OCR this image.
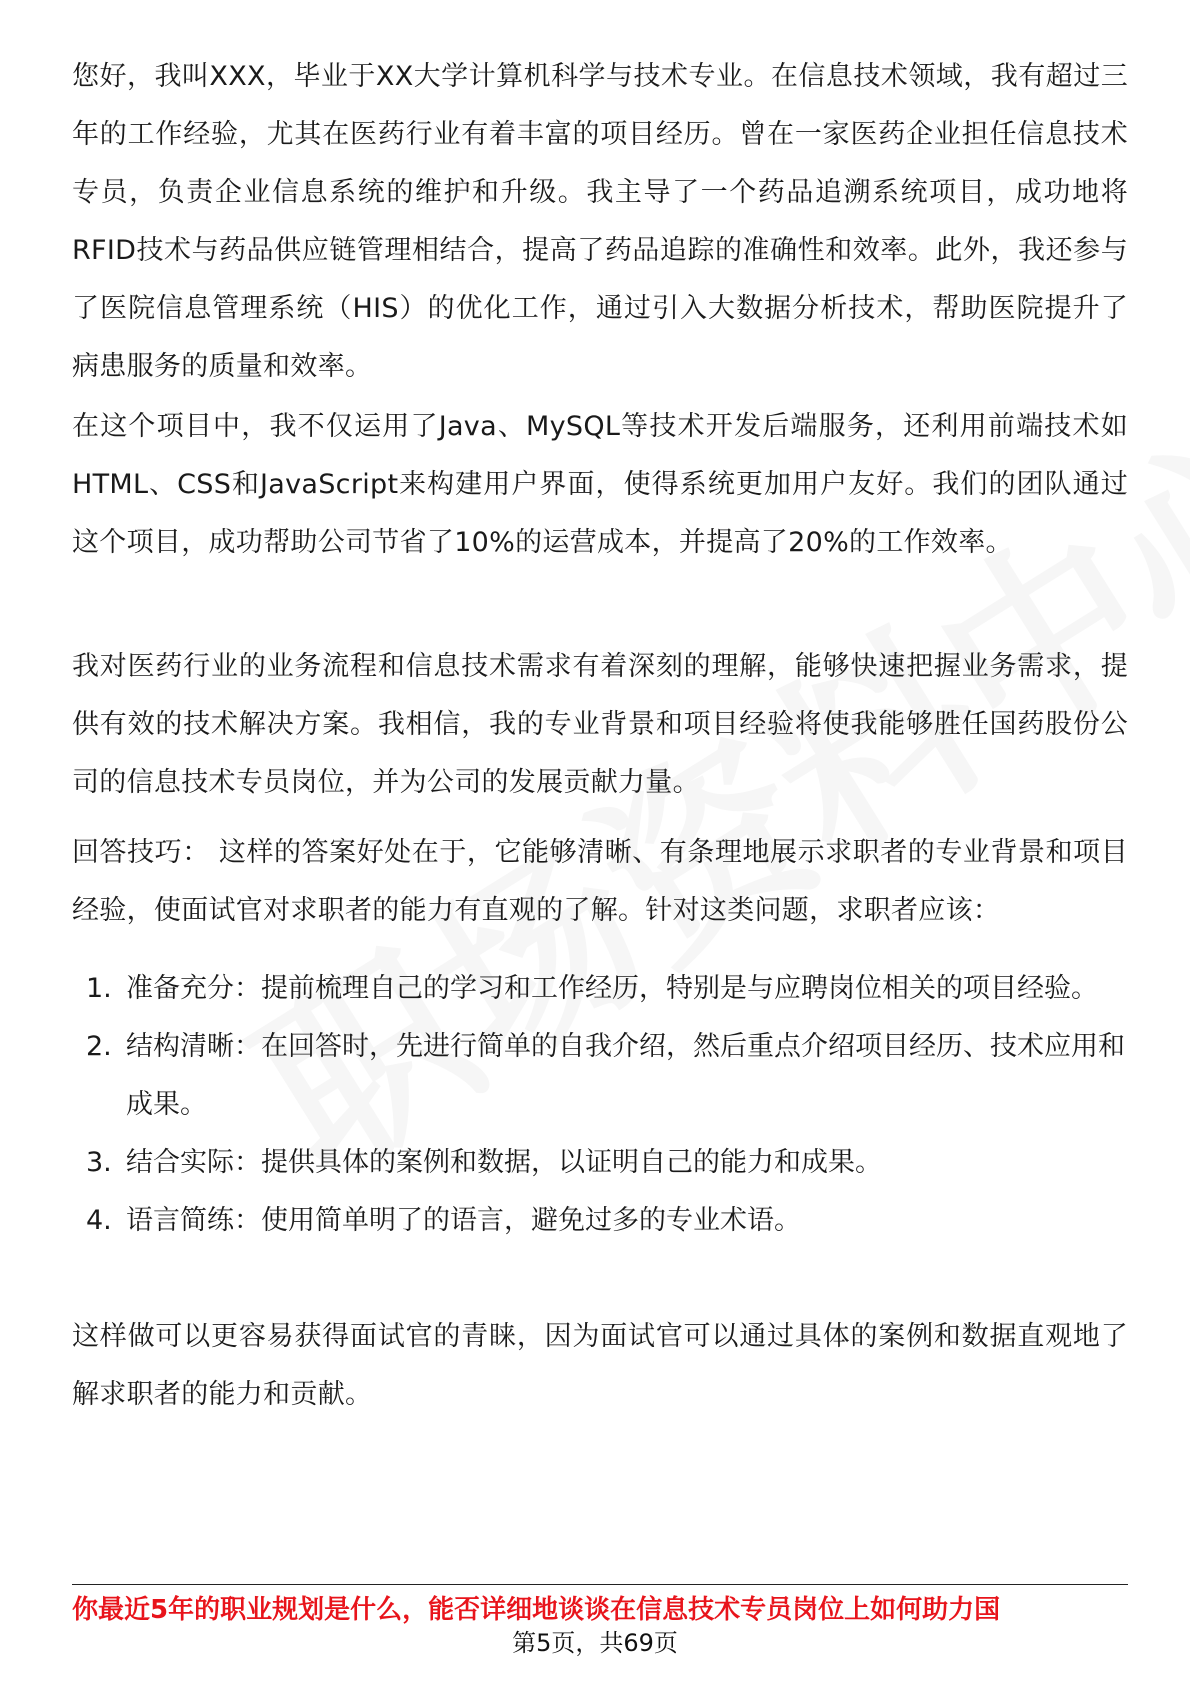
您好，我叫XXX，毕业于XX大学计算机科学与技术专业。在信息技术领域，我有超过三年的工作经验，尤其在医药行业有着丰富的项目经历。曾在一家医药企业担任信息技术专员，负责企业信息系统的维护和升级。我主导了一个药品追溯系统项目，成功地将RFID技术与药品供应链管理相结合，提高了药品追踪的准确性和效率。此外，我还参与了医院信息管理系统（HIS）的优化工作，通过引入大数据分析技术，帮助医院提升了病患服务的质量和效率。

在这个项目中，我不仅运用了Java、MySQL等技术开发后端服务，还利用前端技术如HTML、CSS和JavaScript来构建用户界面，使得系统更加用户友好。我们的团队通过这个项目，成功帮助公司节省了10%的运营成本，并提高了20%的工作效率。

我对医药行业的业务流程和信息技术需求有着深刻的理解，能够快速把握业务需求，提供有效的技术解决方案。我相信，我的专业背景和项目经验将使我能够胜任国药股份公司的信息技术专员岗位，并为公司的发展贡献力量。

回答技巧： 这样的答案好处在于，它能够清晰、有条理地展示求职者的专业背景和项目经验，使面试官对求职者的能力有直观的了解。针对这类问题，求职者应该：

1. 准备充分：提前梳理自己的学习和工作经历，特别是与应聘岗位相关的项目经验。
2. 结构清晰：在回答时，先进行简单的自我介绍，然后重点介绍项目经历、技术应用和成果。
3. 结合实际：提供具体的案例和数据，以证明自己的能力和成果。
4. 语言简练：使用简单明了的语言，避免过多的专业术语。

这样做可以更容易获得面试官的青睐，因为面试官可以通过具体的案例和数据直观地了解求职者的能力和贡献。

你最近5年的职业规划是什么，能否详细地谈谈在信息技术专员岗位上如何助力国
第5页，共69页
